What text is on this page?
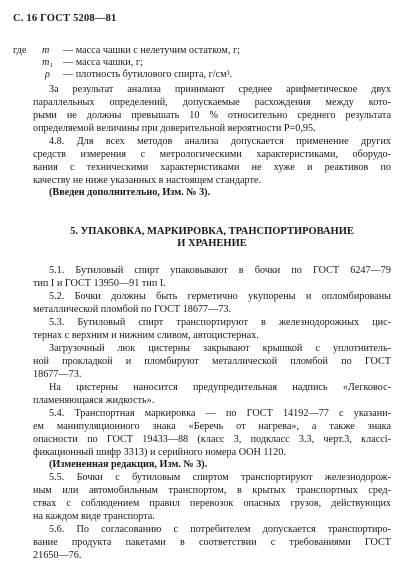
С. 16 ГОСТ 5208—81
где m — масса чашки с нелетучим остатком, г;
m₁ — масса чашки, г;
ρ — плотность бутилового спирта, г/см³.
За результат анализа принимают среднее арифметическое двух
параллельных определений, допускаемые расхождения между кото-
рыми не должны превышать 10 % относительно среднего результата
определяемой величины при доверительной вероятности P=0,95.
4.8. Для всех методов анализа допускается применение других
средств измерения с метрологическими характеристиками, оборудо-
вания с техническими характеристиками не хуже и реактивов по
качеству не ниже указанных в настоящем стандарте.
(Введен дополнительно, Изм. № 3).
5. УПАКОВКА, МАРКИРОВКА, ТРАНСПОРТИРОВАНИЕ
И ХРАНЕНИЕ
5.1. Бутиловый спирт упаковывают в бочки по ГОСТ 6247—79
тип I и ГОСТ 13950—91 тип I.
5.2. Бочки должны быть герметично укупорены и опломбированы
металлической пломбой по ГОСТ 18677—73.
5.3. Бутиловый спирт транспортируют в железнодорожных цис-
тернах с верхним и нижним сливом, автоцистернах.
Загрузочный люк цистерны закрывают крышкой с уплотнитель-
ной прокладкой и пломбируют металлической пломбой по ГОСТ
18677—73.
На цистерны наносится предупредительная надпись «Легковос-
пламеняющаяся жидкость».
5.4. Транспортная маркировка — по ГОСТ 14192—77 с указани-
ем манипуляционного знака «Беречь от нагрева», а также знака
опасности по ГОСТ 19433—88 (класс 3, подкласс 3.3, черт.3, классі-
фикационный шифр 3313) и серийного номера ООН 1120.
(Измененная редакция, Изм. № 3).
5.5. Бочки с бутиловым спиртом транспортируют железнодорож-
ным или автомобильным транспортом, в крытых транспортных сред-
ствах с соблюдением правил перевозок опасных грузов, действующих
на каждом виде транспорта.
5.6. По согласованию с потребителем допускается транспортиро-
вание продукта пакетами в соответствии с требованиями ГОСТ
21650—76.
